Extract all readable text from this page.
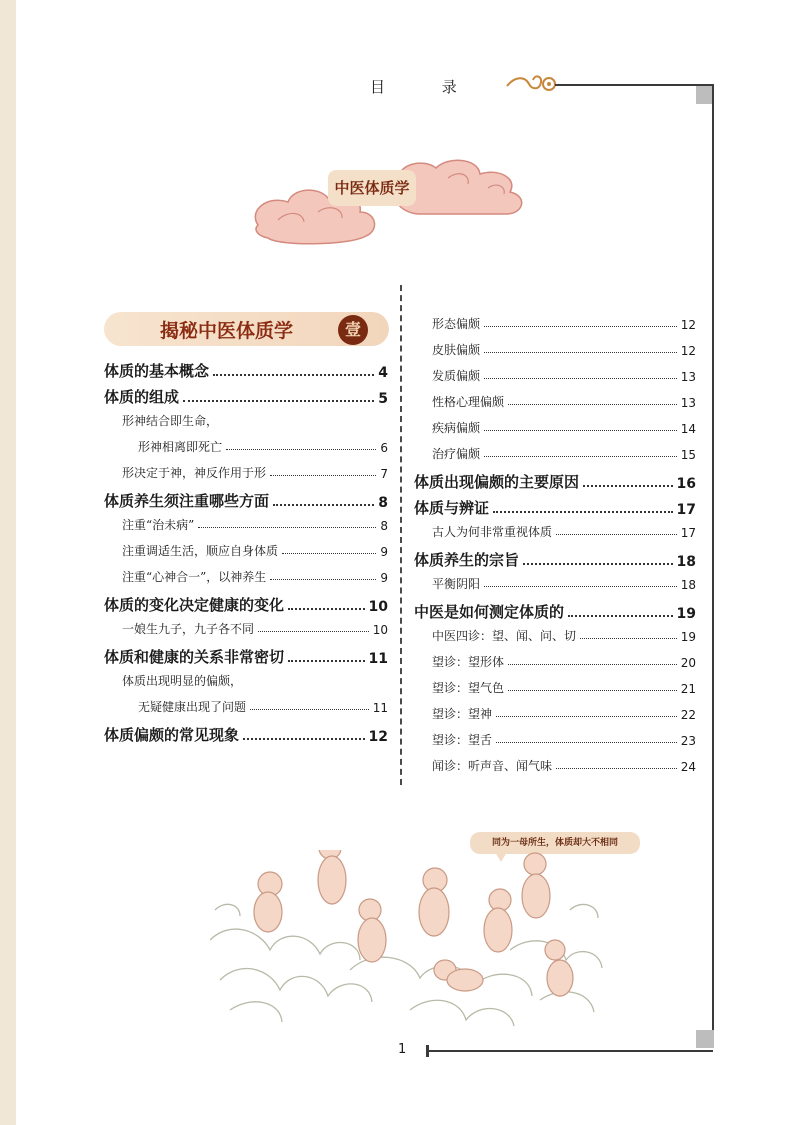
目 录
中医体质学
揭秘中医体质学	壹
体质的基本概念	4
体质的组成	5
形神结合即生命，
形神相离即死亡	6
形决定于神，神反作用于形	7
体质养生须注重哪些方面	8
注重“治未病”	8
注重调适生活，顺应自身体质	9
注重“心神合一”，以神养生	9
体质的变化决定健康的变化	10
一娘生九子，九子各不同	10
体质和健康的关系非常密切	11
体质出现明显的偏颇，
无疑健康出现了问题	11
体质偏颇的常见现象	12
形态偏颇	12
皮肤偏颇	12
发质偏颇	13
性格心理偏颇	13
疾病偏颇	14
治疗偏颇	15
体质出现偏颇的主要原因	16
体质与辨证	17
古人为何非常重视体质	17
体质养生的宗旨	18
平衡阴阳	18
中医是如何测定体质的	19
中医四诊：望、闻、问、切	19
望诊：望形体	20
望诊：望气色	21
望诊：望神	22
望诊：望舌	23
闻诊：听声音、闻气味	24
同为一母所生，体质却大不相同
1
